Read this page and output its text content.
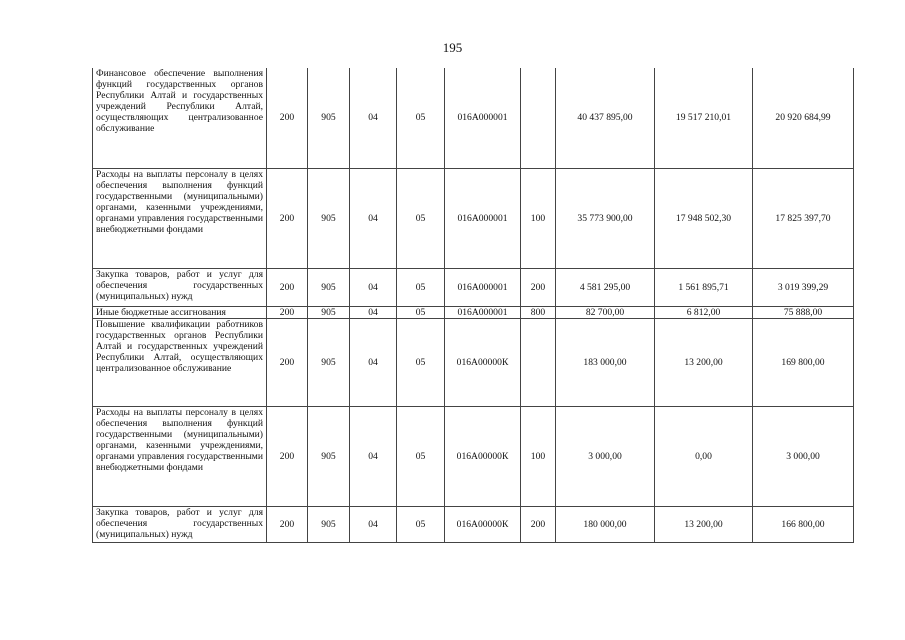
195
Финансовое обеспечение выполнения функций государственных органов Республики Алтай и государственных учреждений Республики Алтай, осуществляющих централизованное обслуживание	200	905	04	05	016А000001		40 437 895,00	19 517 210,01	20 920 684,99
Расходы на выплаты персоналу в целях обеспечения выполнения функций государственными (муниципальными) органами, казенными учреждениями, органами управления государственными внебюджетными фондами	200	905	04	05	016А000001	100	35 773 900,00	17 948 502,30	17 825 397,70
Закупка товаров, работ и услуг для обеспечения государственных (муниципальных) нужд	200	905	04	05	016А000001	200	4 581 295,00	1 561 895,71	3 019 399,29
Иные бюджетные ассигнования	200	905	04	05	016А000001	800	82 700,00	6 812,00	75 888,00
Повышение квалификации работников государственных органов Республики Алтай и государственных учреждений Республики Алтай, осуществляющих централизованное обслуживание	200	905	04	05	016А00000К		183 000,00	13 200,00	169 800,00
Расходы на выплаты персоналу в целях обеспечения выполнения функций государственными (муниципальными) органами, казенными учреждениями, органами управления государственными внебюджетными фондами	200	905	04	05	016А00000К	100	3 000,00	0,00	3 000,00
Закупка товаров, работ и услуг для обеспечения государственных (муниципальных) нужд	200	905	04	05	016А00000К	200	180 000,00	13 200,00	166 800,00
